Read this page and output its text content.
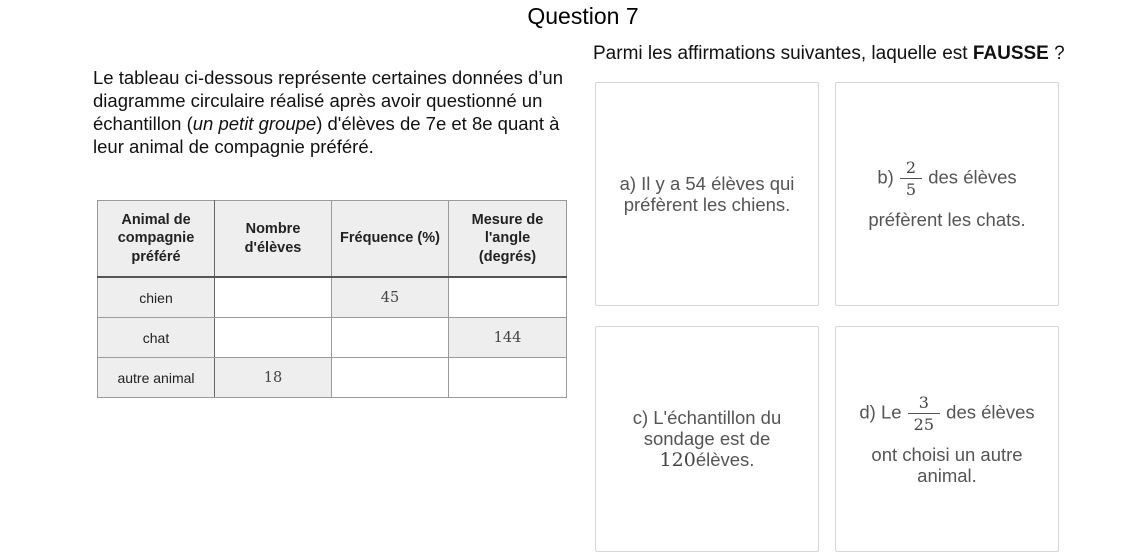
Question 7
Parmi les affirmations suivantes, laquelle est FAUSSE ?
Le tableau ci-dessous représente certaines données d’un diagramme circulaire réalisé après avoir questionné un échantillon (un petit groupe) d'élèves de 7e et 8e quant à leur animal de compagnie préféré.
Animal de compagnie préféré	Nombre d'élèves	Fréquence (%)	Mesure de l'angle (degrés)
chien		45	
chat			144
autre animal	18		
a) Il y a 54 élèves qui préfèrent les chiens.
$b) \frac{2}{5}$ des élèves
préfèrent les chats.
c) L'échantillon du sondage est de
120élèves.
d) Le $\frac{3}{25}$ des élèves
ont choisi un autre animal.
